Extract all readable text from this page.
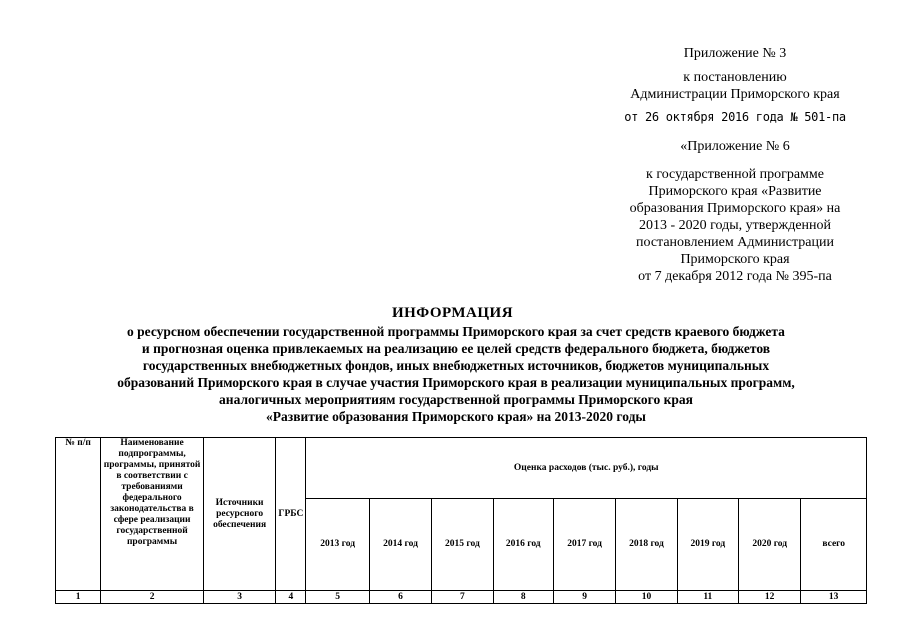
Приложение № 3
к постановлению
Администрации Приморского края
от 26 октября 2016 года № 501-па
«Приложение № 6
к государственной программе
Приморского края «Развитие
образования Приморского края» на
2013 - 2020 годы, утвержденной
постановлением Администрации
Приморского края
от 7 декабря 2012 года № 395-па
ИНФОРМАЦИЯ
о ресурсном обеспечении государственной программы Приморского края за счет средств краевого бюджета
и прогнозная оценка привлекаемых на реализацию ее целей средств федерального бюджета, бюджетов
государственных внебюджетных фондов, иных внебюджетных источников, бюджетов муниципальных
образований Приморского края в случае участия Приморского края в реализации муниципальных программ,
аналогичных мероприятиям государственной программы Приморского края
«Развитие образования Приморского края» на 2013-2020 годы
№ п/п	Наименование подпрограммы, программы, принятой в соответствии с требованиями федерального законодательства в сфере реализации государственной программы	Источники ресурсного обеспечения	ГРБС	Оценка расходов (тыс. руб.), годы								
				2013 год	2014 год	2015 год	2016 год	2017 год	2018 год	2019 год	2020 год	всего
1	2	3	4	5	6	7	8	9	10	11	12	13
